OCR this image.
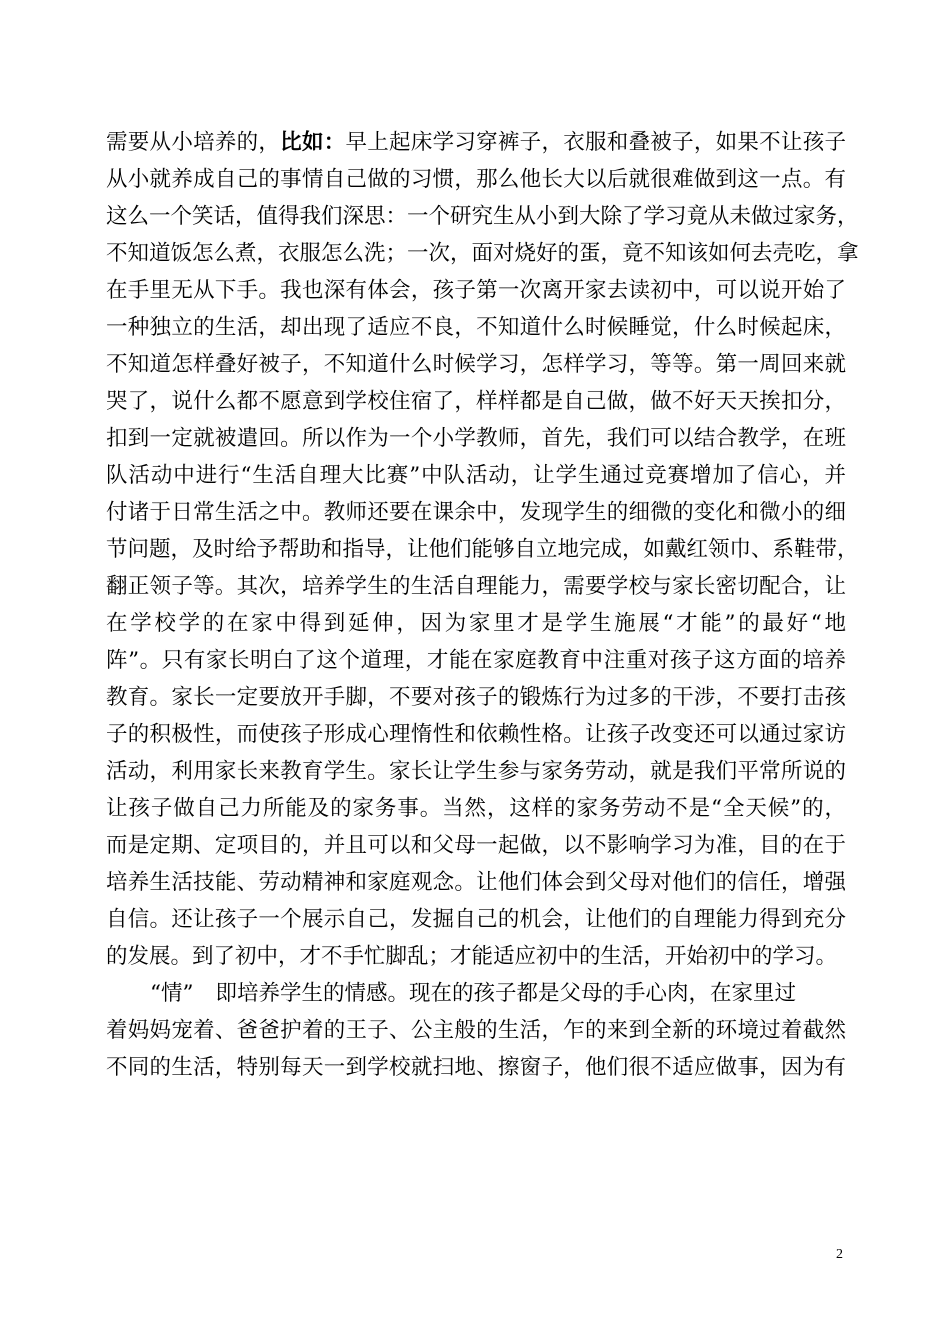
需要从小培养的，比如：早上起床学习穿裤子，衣服和叠被子，如果不让孩子
从小就养成自己的事情自己做的习惯，那么他长大以后就很难做到这一点。有
这么一个笑话，值得我们深思：一个研究生从小到大除了学习竟从未做过家务，
不知道饭怎么煮，衣服怎么洗；一次，面对烧好的蛋，竟不知该如何去壳吃，拿
在手里无从下手。我也深有体会，孩子第一次离开家去读初中，可以说开始了
一种独立的生活，却出现了适应不良，不知道什么时候睡觉，什么时候起床，
不知道怎样叠好被子，不知道什么时候学习，怎样学习，等等。第一周回来就
哭了，说什么都不愿意到学校住宿了，样样都是自己做，做不好天天挨扣分，
扣到一定就被遣回。所以作为一个小学教师，首先，我们可以结合教学，在班
队活动中进行“生活自理大比赛”中队活动，让学生通过竞赛增加了信心，并
付诸于日常生活之中。教师还要在课余中，发现学生的细微的变化和微小的细
节问题，及时给予帮助和指导，让他们能够自立地完成，如戴红领巾、系鞋带，
翻正领子等。其次，培养学生的生活自理能力，需要学校与家长密切配合，让
在学校学的在家中得到延伸，因为家里才是学生施展“才能”的最好“地
阵”。只有家长明白了这个道理，才能在家庭教育中注重对孩子这方面的培养
教育。家长一定要放开手脚，不要对孩子的锻炼行为过多的干涉，不要打击孩
子的积极性，而使孩子形成心理惰性和依赖性格。让孩子改变还可以通过家访
活动，利用家长来教育学生。家长让学生参与家务劳动，就是我们平常所说的
让孩子做自己力所能及的家务事。当然，这样的家务劳动不是“全天候”的，
而是定期、定项目的，并且可以和父母一起做，以不影响学习为准，目的在于
培养生活技能、劳动精神和家庭观念。让他们体会到父母对他们的信任，增强
自信。还让孩子一个展示自己，发掘自己的机会，让他们的自理能力得到充分
的发展。到了初中，才不手忙脚乱；才能适应初中的生活，开始初中的学习。
“情” 即培养学生的情感。现在的孩子都是父母的手心肉，在家里过
着妈妈宠着、爸爸护着的王子、公主般的生活，乍的来到全新的环境过着截然
不同的生活，特别每天一到学校就扫地、擦窗子，他们很不适应做事，因为有
2
